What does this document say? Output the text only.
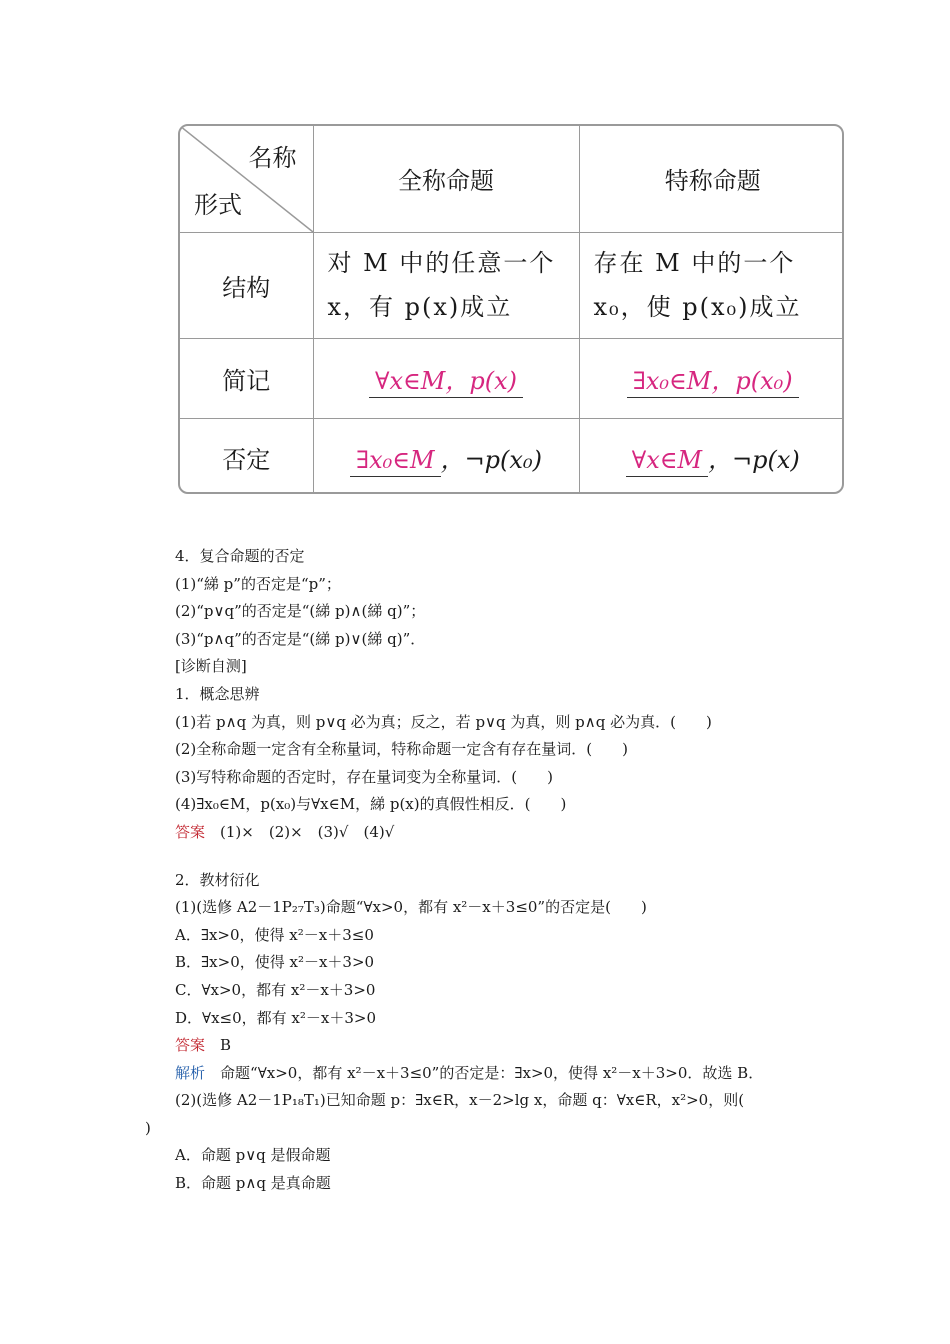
名称
形式	全称命题	特称命题
结构	对 M 中的任意一个 x，有 p(x)成立	存在 M 中的一个 x₀，使 p(x₀)成立
简记	∀x∈M，p(x)	∃x₀∈M，p(x₀)
否定	∃x₀∈M ，¬p(x₀)	∀x∈M ，¬p(x)
4．复合命题的否定
(1)“綈 p”的否定是“p”；
(2)“p∨q”的否定是“(綈 p)∧(綈 q)”；
(3)“p∧q”的否定是“(綈 p)∨(綈 q)”．
[诊断自测]
1．概念思辨
(1)若 p∧q 为真，则 p∨q 必为真；反之，若 p∨q 为真，则 p∧q 必为真．(　　)
(2)全称命题一定含有全称量词，特称命题一定含有存在量词．(　　)
(3)写特称命题的否定时，存在量词变为全称量词．(　　)
(4)∃x₀∈M，p(x₀)与∀x∈M，綈 p(x)的真假性相反．(　　)
答案　 (1)×　(2)×　(3)√　(4)√
2．教材衍化
(1)(选修 A2－1P₂₇T₃)命题“∀x>0，都有 x²－x＋3≤0”的否定是(　　)
A．∃x>0，使得 x²－x＋3≤0
B．∃x>0，使得 x²－x＋3>0
C．∀x>0，都有 x²－x＋3>0
D．∀x≤0，都有 x²－x＋3>0
答案　 B
解析　 命题“∀x>0，都有 x²－x＋3≤0”的否定是：∃x>0，使得 x²－x＋3>0．故选 B．
(2)(选修 A2－1P₁₈T₁)已知命题 p：∃x∈R，x－2>lg x，命题 q：∀x∈R，x²>0，则(
)
A．命题 p∨q 是假命题
B．命题 p∧q 是真命题
